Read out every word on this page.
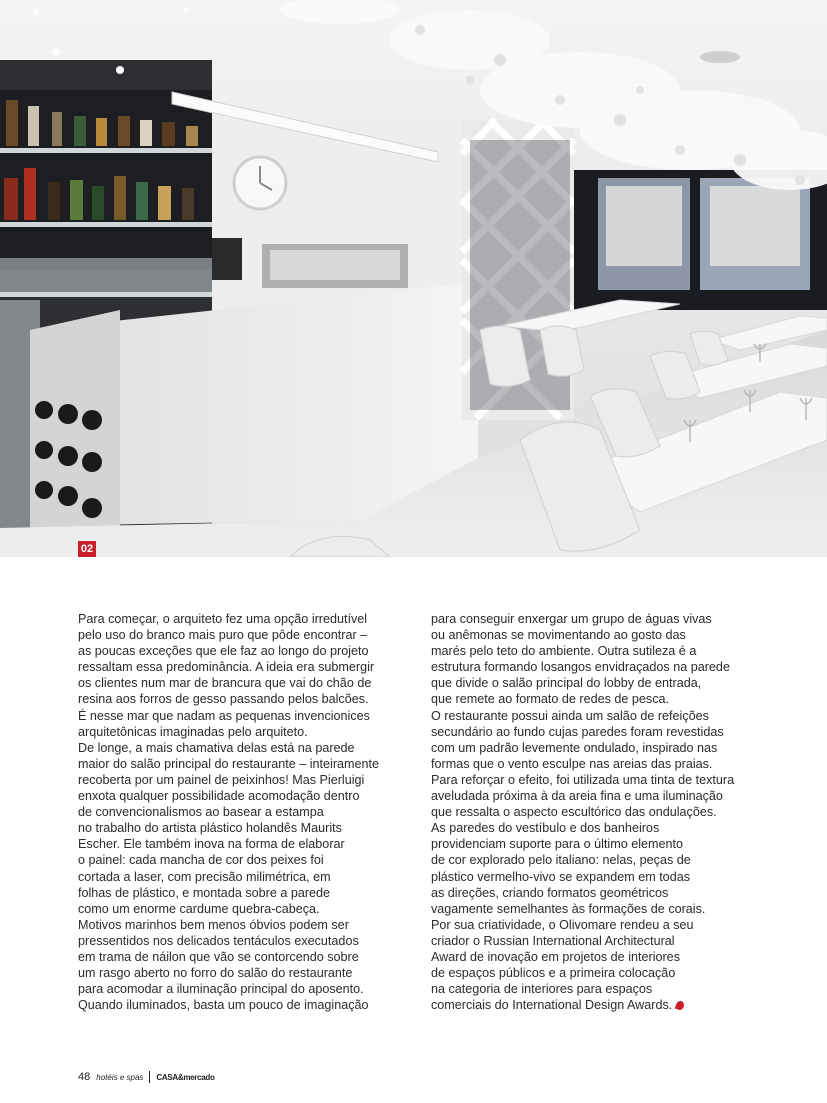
02
Para começar, o arquiteto fez uma opção irredutível
pelo uso do branco mais puro que pôde encontrar –
as poucas exceções que ele faz ao longo do projeto
ressaltam essa predominância. A ideia era submergir
os clientes num mar de brancura que vai do chão de
resina aos forros de gesso passando pelos balcões.
É nesse mar que nadam as pequenas invencionices
arquitetônicas imaginadas pelo arquiteto.
De longe, a mais chamativa delas está na parede
maior do salão principal do restaurante – inteiramente
recoberta por um painel de peixinhos! Mas Pierluigi
enxota qualquer possibilidade acomodação dentro
de convencionalismos ao basear a estampa
no trabalho do artista plástico holandês Maurits
Escher. Ele também inova na forma de elaborar
o painel: cada mancha de cor dos peixes foi
cortada a laser, com precisão milimétrica, em
folhas de plástico, e montada sobre a parede
como um enorme cardume quebra-cabeça.
Motivos marinhos bem menos óbvios podem ser
pressentidos nos delicados tentáculos executados
em trama de náilon que vão se contorcendo sobre
um rasgo aberto no forro do salão do restaurante
para acomodar a iluminação principal do aposento.
Quando iluminados, basta um pouco de imaginação
para conseguir enxergar um grupo de águas vivas
ou anêmonas se movimentando ao gosto das
marés pelo teto do ambiente. Outra sutileza é a
estrutura formando losangos envidraçados na parede
que divide o salão principal do lobby de entrada,
que remete ao formato de redes de pesca.
O restaurante possui ainda um salão de refeições
secundário ao fundo cujas paredes foram revestidas
com um padrão levemente ondulado, inspirado nas
formas que o vento esculpe nas areias das praias.
Para reforçar o efeito, foi utilizada uma tinta de textura
aveludada próxima à da areia fina e uma iluminação
que ressalta o aspecto escultórico das ondulações.
As paredes do vestíbulo e dos banheiros
providenciam suporte para o último elemento
de cor explorado pelo italiano: nelas, peças de
plástico vermelho-vivo se expandem em todas
as direções, criando formatos geométricos
vagamente semelhantes às formações de corais.
Por sua criatividade, o Olivomare rendeu a seu
criador o Russian International Architectural
Award de inovação em projetos de interiores
de espaços públicos e a primeira colocação
na categoria de interiores para espaços
comerciais do International Design Awards.
48 hotéis e spas CASA&mercado
